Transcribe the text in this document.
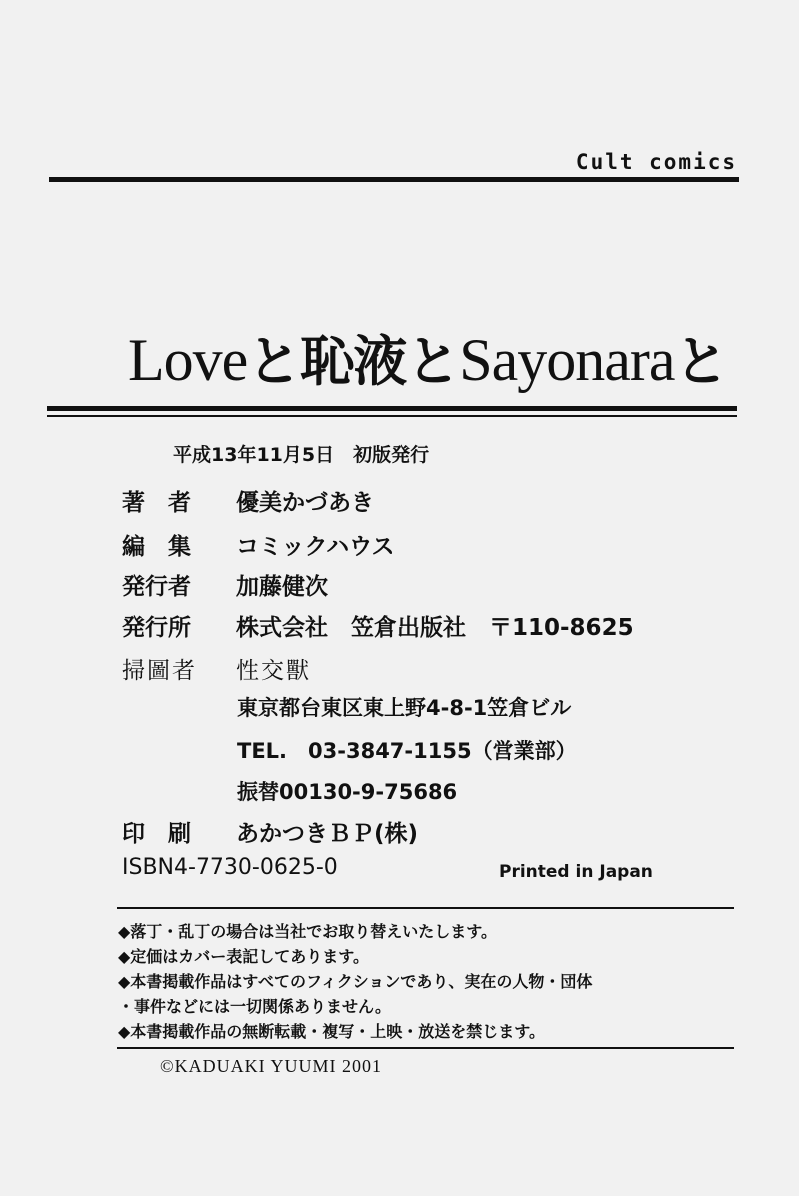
Cult comics
Loveと恥液とSayonaraと
平成13年11月5日　初版発行
著　者 優美かづあき
編　集 コミックハウス
発行者 加藤健次
発行所 株式会社　笠倉出版社　〒110-8625
掃圖者 性交獸
東京都台東区東上野4-8-1笠倉ビル
TEL.　03-3847-1155（営業部）
振替00130-9-75686
印　刷 あかつきＢＰ(株)
ISBN4-7730-0625-0	Printed in Japan
◆落丁・乱丁の場合は当社でお取り替えいたします。
◆定価はカバー表記してあります。
◆本書掲載作品はすべてのフィクションであり、実在の人物・団体
・事件などには一切関係ありません。
◆本書掲載作品の無断転載・複写・上映・放送を禁じます。
©KADUAKI YUUMI 2001
